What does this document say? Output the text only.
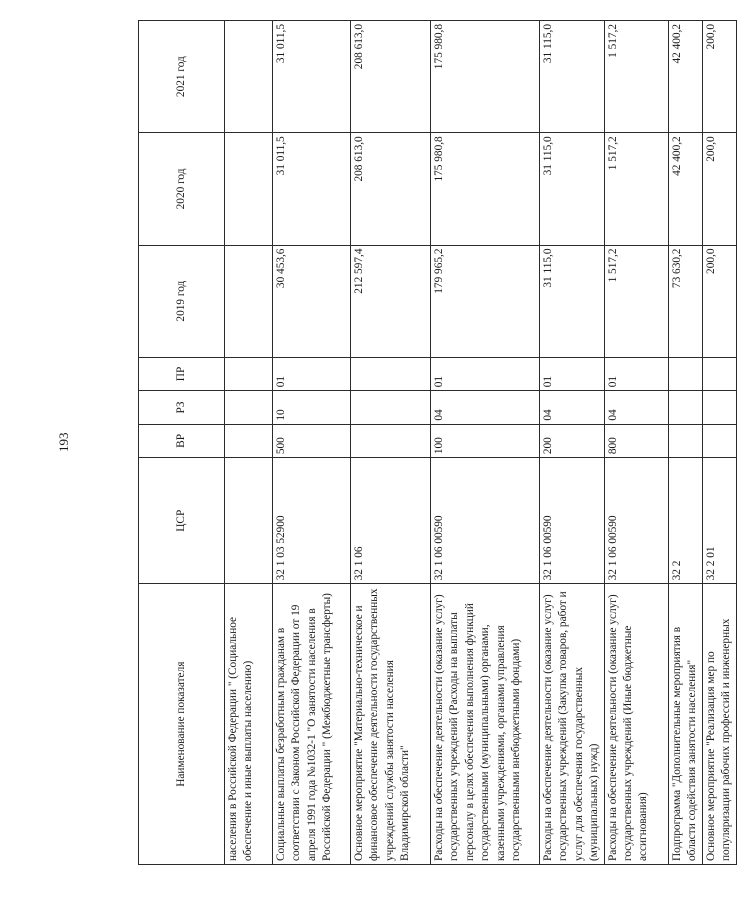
193
Наименование показателя	ЦСР	ВР	РЗ	ПР	2019 год	2020 год	2021 год
населения в Российской Федерации " (Социальное обеспечение и иные выплаты населению)							
Социальные выплаты безработным гражданам в соответствии с Законом Российской Федерации от 19 апреля 1991 года №1032-1 "О занятости населения в Российской Федерации " (Межбюджетные трансферты)	32 1 03 52900	500	10	01	30 453,6	31 011,5	31 011,5
Основное мероприятие "Материально-техническое и финансовое обеспечение деятельности государственных учреждений службы занятости населения Владимирской области"	32 1 06				212 597,4	208 613,0	208 613,0
Расходы на обеспечение деятельности (оказание услуг) государственных учреждений (Расходы на выплаты персоналу в целях обеспечения выполнения функций государственными (муниципальными) органами, казенными учреждениями, органами управления государственными внебюджетными фондами)	32 1 06 00590	100	04	01	179 965,2	175 980,8	175 980,8
Расходы на обеспечение деятельности (оказание услуг) государственных учреждений (Закупка товаров, работ и услуг для обеспечения государственных (муниципальных) нужд)	32 1 06 00590	200	04	01	31 115,0	31 115,0	31 115,0
Расходы на обеспечение деятельности (оказание услуг) государственных учреждений (Иные бюджетные ассигнования)	32 1 06 00590	800	04	01	1 517,2	1 517,2	1 517,2
Подпрограмма "Дополнительные мероприятия в области содействия занятости населения"	32 2				73 630,2	42 400,2	42 400,2
Основное мероприятие "Реализация мер по популяризации рабочих профессий и инженерных	32 2 01				200,0	200,0	200,0
